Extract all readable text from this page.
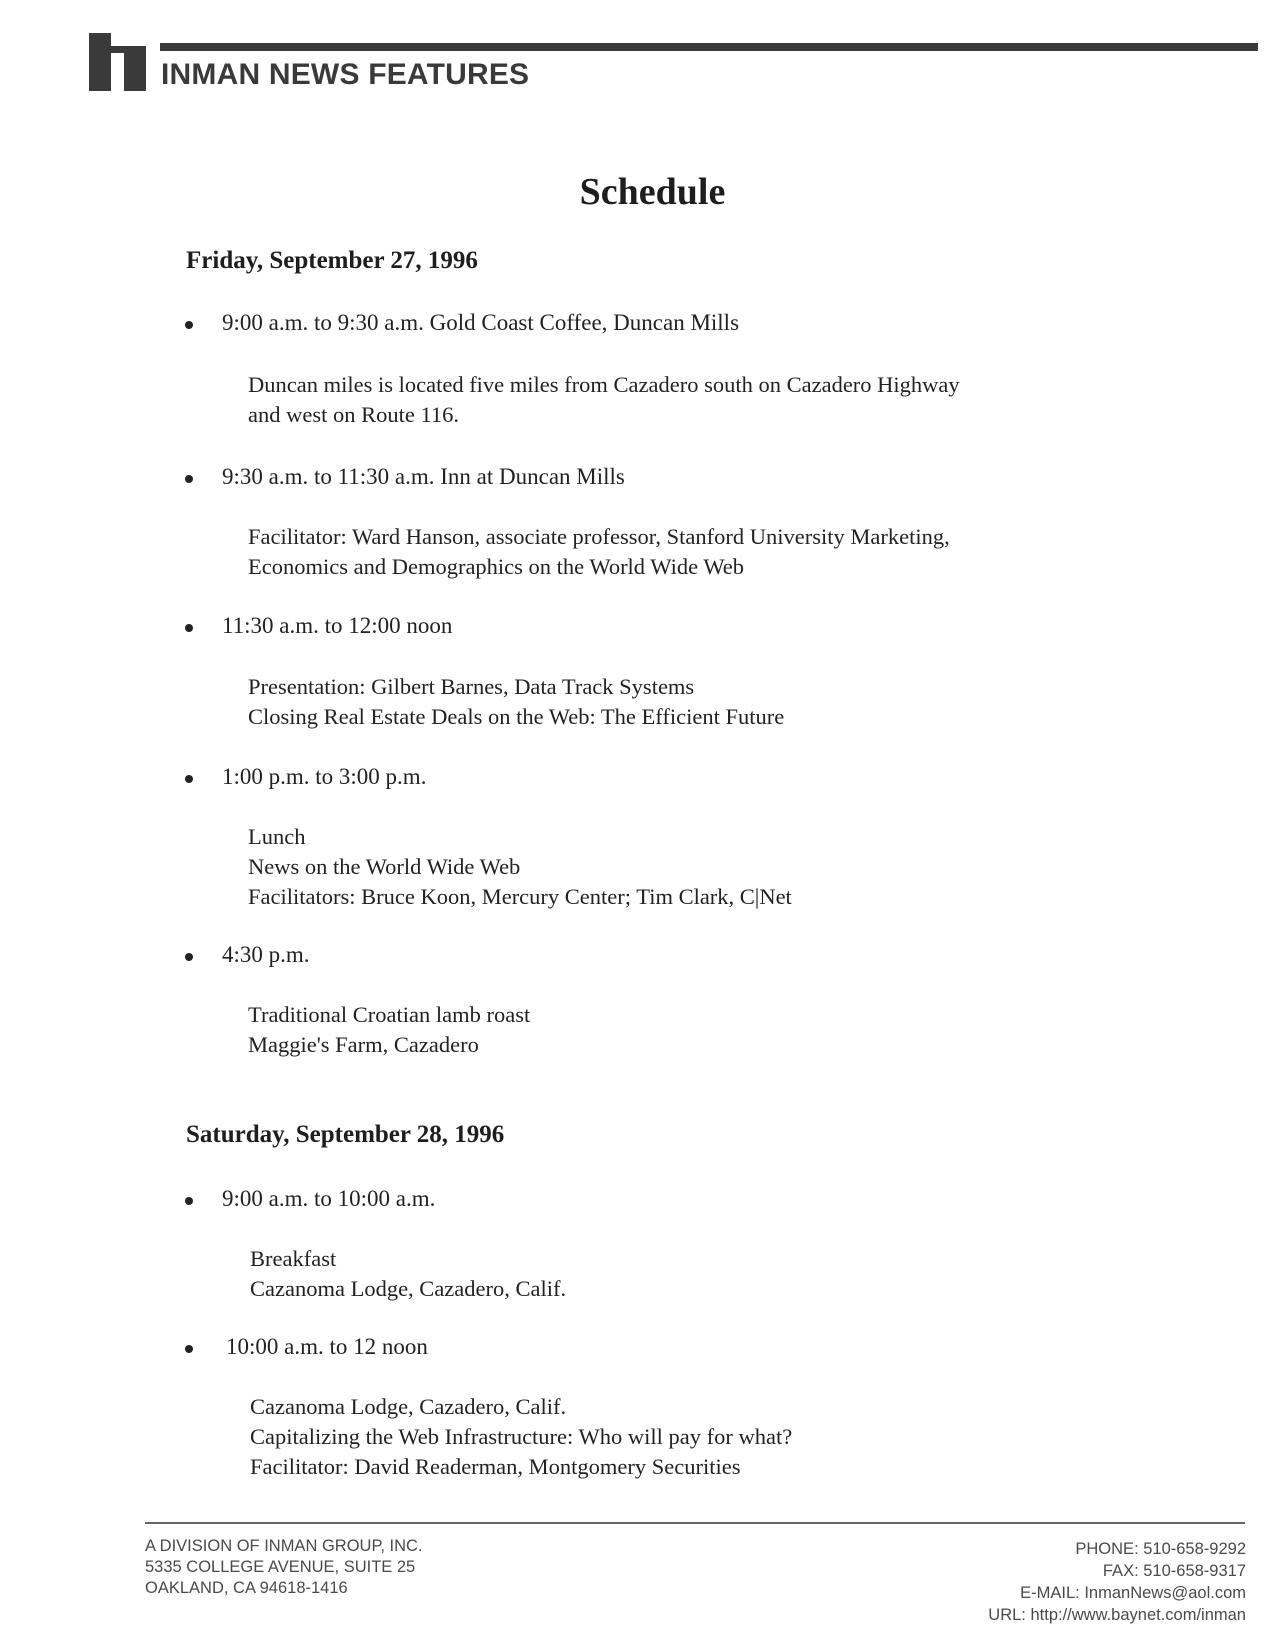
INMAN NEWS FEATURES
Schedule
Friday, September 27, 1996
9:00 a.m. to 9:30 a.m. Gold Coast Coffee, Duncan Mills
Duncan miles is located five miles from Cazadero south on Cazadero Highway
and west on Route 116.
9:30 a.m. to 11:30 a.m. Inn at Duncan Mills
Facilitator: Ward Hanson, associate professor, Stanford University Marketing,
Economics and Demographics on the World Wide Web
11:30 a.m. to 12:00 noon
Presentation: Gilbert Barnes, Data Track Systems
Closing Real Estate Deals on the Web: The Efficient Future
1:00 p.m. to 3:00 p.m.
Lunch
News on the World Wide Web
Facilitators: Bruce Koon, Mercury Center; Tim Clark, C|Net
4:30 p.m.
Traditional Croatian lamb roast
Maggie's Farm, Cazadero
Saturday, September 28, 1996
9:00 a.m. to 10:00 a.m.
Breakfast
Cazanoma Lodge, Cazadero, Calif.
10:00 a.m. to 12 noon
Cazanoma Lodge, Cazadero, Calif.
Capitalizing the Web Infrastructure: Who will pay for what?
Facilitator: David Readerman, Montgomery Securities
A DIVISION OF INMAN GROUP, INC.
5335 COLLEGE AVENUE, SUITE 25
OAKLAND, CA 94618-1416
PHONE: 510-658-9292
FAX: 510-658-9317
E-MAIL: InmanNews@aol.com
URL: http://www.baynet.com/inman
